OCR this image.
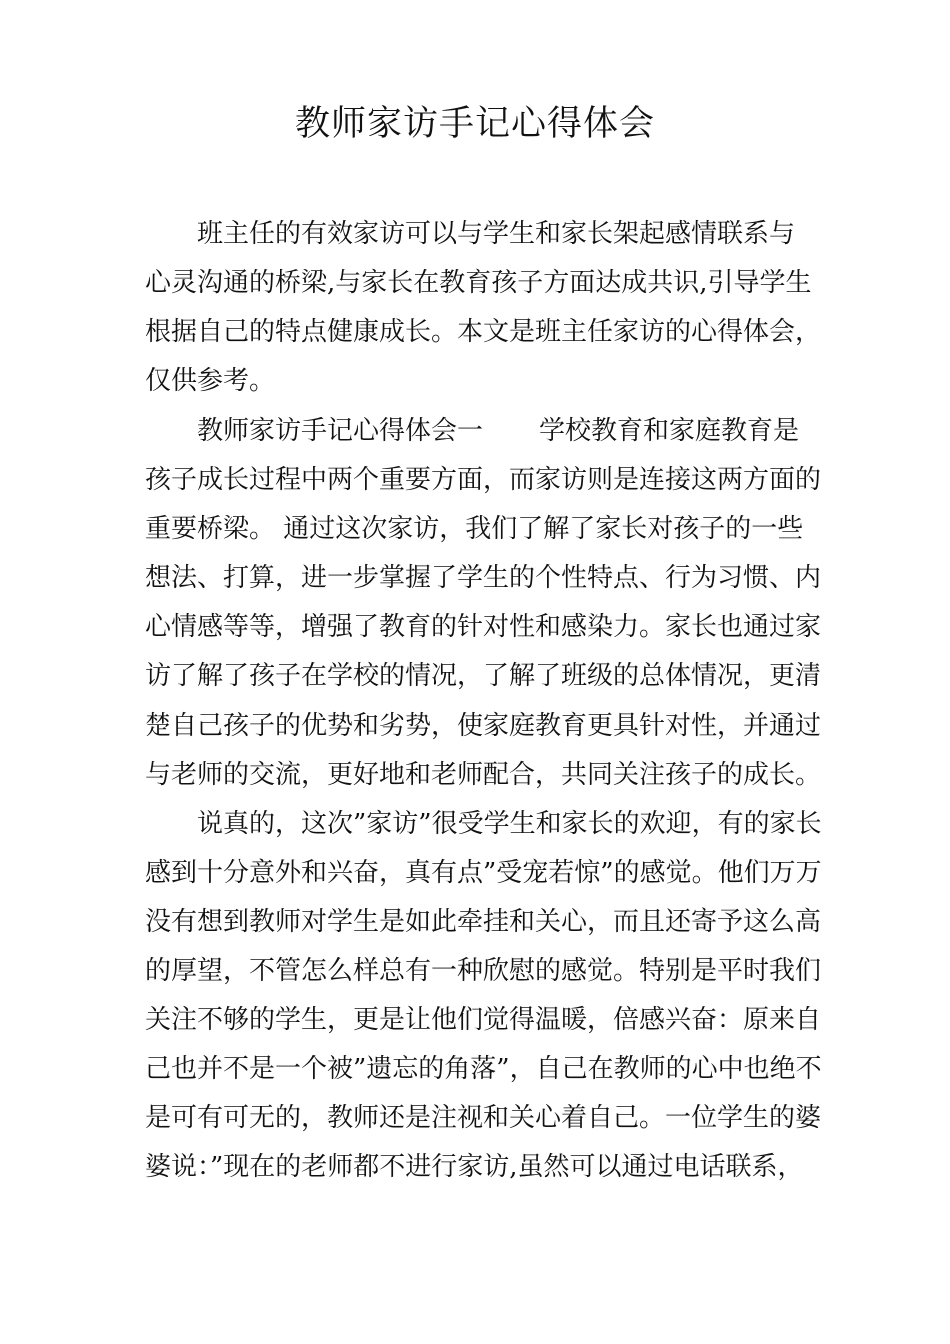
教师家访手记心得体会

班主任的有效家访可以与学生和家长架起感情联系与

心灵沟通的桥梁,与家长在教育孩子方面达成共识,引导学生

根据自己的特点健康成长。本文是班主任家访的心得体会，

仅供参考。

教师家访手记心得体会一 学校教育和家庭教育是

孩子成长过程中两个重要方面，而家访则是连接这两方面的

重要桥梁。 通过这次家访，我们了解了家长对孩子的一些

想法、打算，进一步掌握了学生的个性特点、行为习惯、内

心情感等等，增强了教育的针对性和感染力。家长也通过家

访了解了孩子在学校的情况，了解了班级的总体情况，更清

楚自己孩子的优势和劣势，使家庭教育更具针对性，并通过

与老师的交流，更好地和老师配合，共同关注孩子的成长。

说真的，这次”家访”很受学生和家长的欢迎，有的家长

感到十分意外和兴奋，真有点”受宠若惊”的感觉。他们万万

没有想到教师对学生是如此牵挂和关心，而且还寄予这么高

的厚望，不管怎么样总有一种欣慰的感觉。特别是平时我们

关注不够的学生，更是让他们觉得温暖，倍感兴奋：原来自

己也并不是一个被”遗忘的角落”，自己在教师的心中也绝不

是可有可无的，教师还是注视和关心着自己。一位学生的婆

婆说：”现在的老师都不进行家访,虽然可以通过电话联系，
